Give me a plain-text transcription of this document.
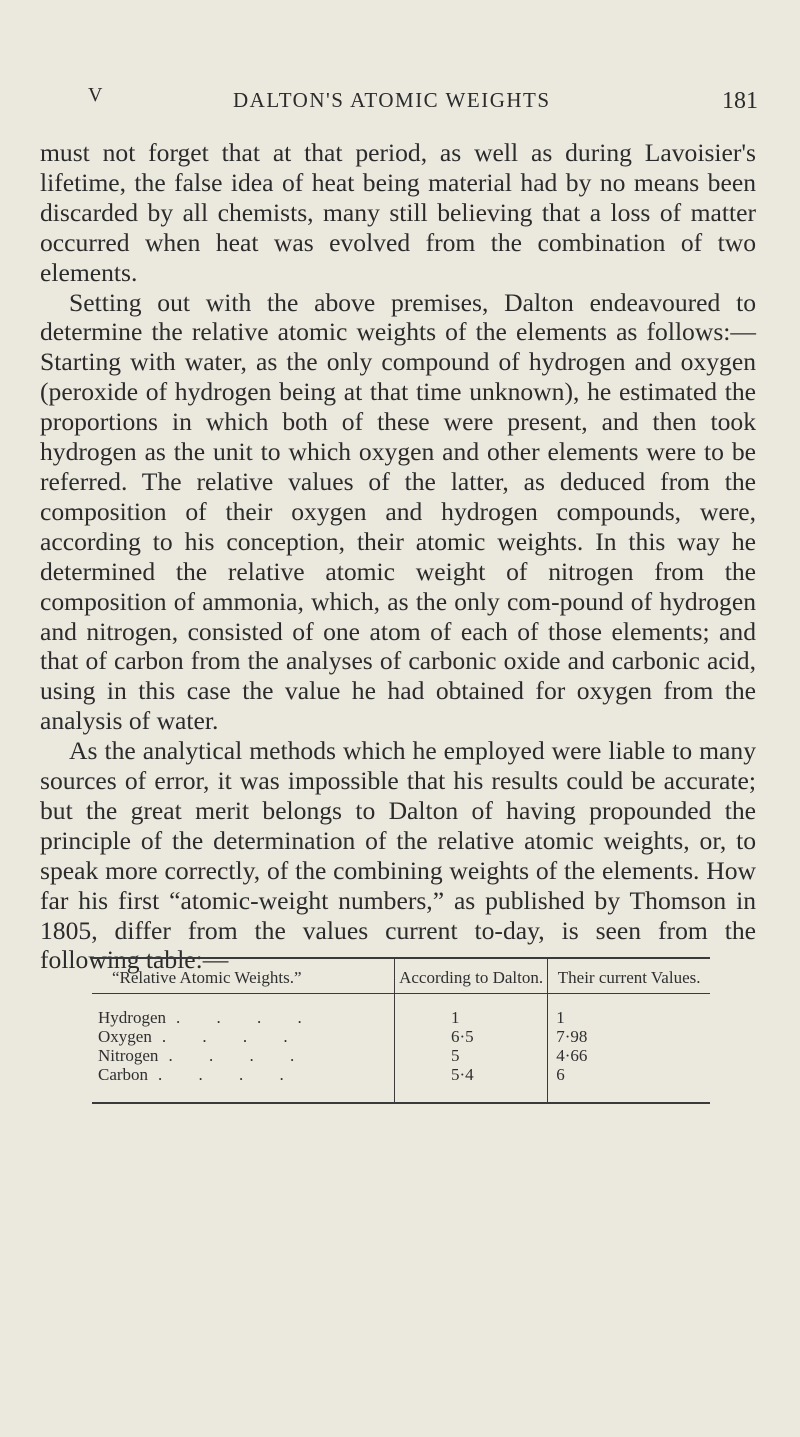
V	DALTON'S ATOMIC WEIGHTS	181

must not forget that at that period, as well as during Lavoisier's lifetime, the false idea of heat being material had by no means been discarded by all chemists, many still believing that a loss of matter occurred when heat was evolved from the combination of two elements.

Setting out with the above premises, Dalton endeavoured to determine the relative atomic weights of the elements as follows:—Starting with water, as the only compound of hydrogen and oxygen (peroxide of hydrogen being at that time unknown), he estimated the proportions in which both of these were present, and then took hydrogen as the unit to which oxygen and other elements were to be referred. The relative values of the latter, as deduced from the composition of their oxygen and hydrogen compounds, were, according to his conception, their atomic weights. In this way he determined the relative atomic weight of nitrogen from the composition of ammonia, which, as the only com-pound of hydrogen and nitrogen, consisted of one atom of each of those elements; and that of carbon from the analyses of carbonic oxide and carbonic acid, using in this case the value he had obtained for oxygen from the analysis of water.

As the analytical methods which he employed were liable to many sources of error, it was impossible that his results could be accurate; but the great merit belongs to Dalton of having propounded the principle of the determination of the relative atomic weights, or, to speak more correctly, of the combining weights of the elements. How far his first “atomic-weight numbers,” as published by Thomson in 1805, differ from the values current to-day, is seen from the following table:—

“Relative Atomic Weights.”	According to Dalton.	Their current Values.
Hydrogen . . . .	1	1
Oxygen . . . .	6·5	7·98
Nitrogen . . . .	5	4·66
Carbon . . . .	5·4	6
